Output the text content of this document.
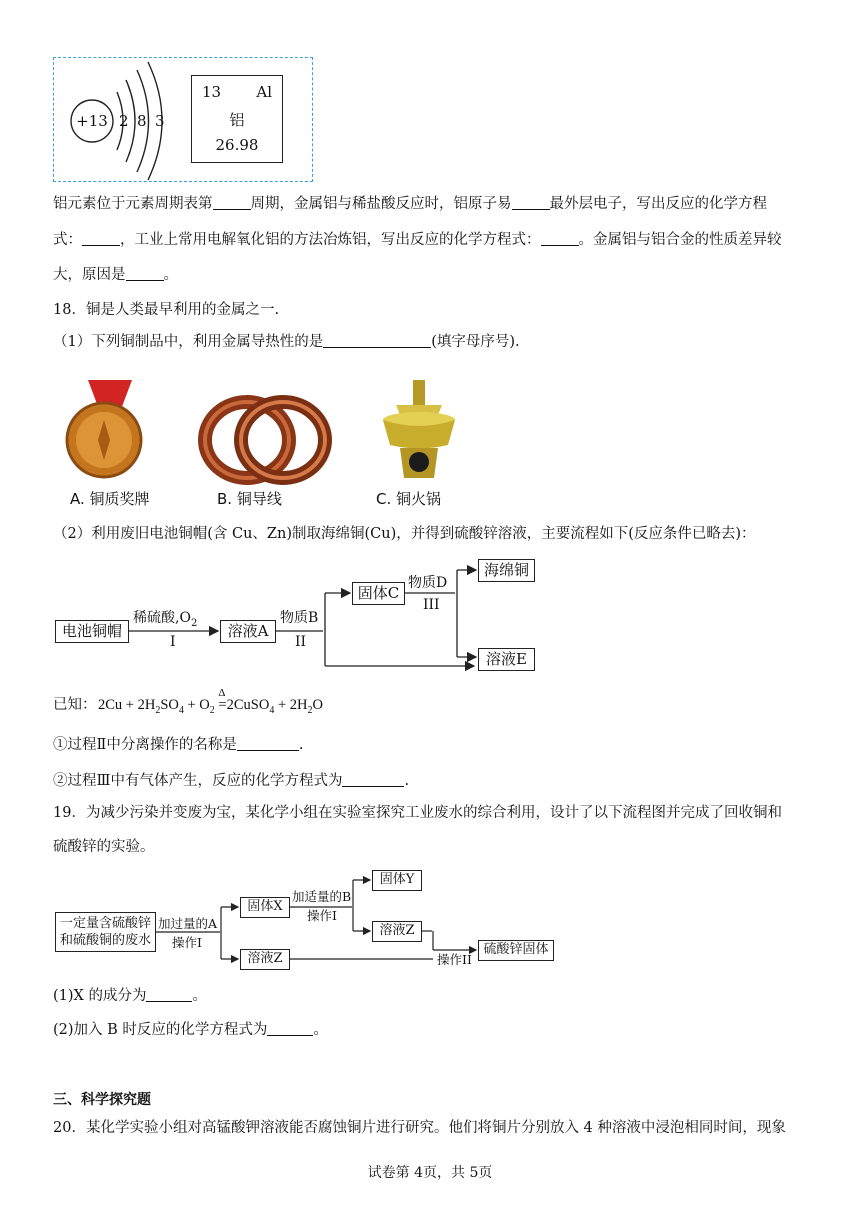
+13 2 8 3
13 Al
铝
26.98
铝元素位于元素周期表第	周期，金属铝与稀盐酸反应时，铝原子易	最外层电子，写出反应的化学方程
式：	，工业上常用电解氧化铝的方法冶炼铝，写出反应的化学方程式：	。金属铝与铝合金的性质差异较
大，原因是	。
18．铜是人类最早利用的金属之一.
（1）下列铜制品中，利用金属导热性的是	(填字母序号).
A. 铜质奖牌	B. 铜导线	C. 铜火锅
（2）利用废旧电池铜帽(含 Cu、Zn)制取海绵铜(Cu)，并得到硫酸锌溶液，主要流程如下(反应条件已略去)：
电池铜帽
稀硫酸$,O_2$
I
溶液A
物质B
II
固体C
物质D
III
海绵铜
溶液E
已知： $2Cu + 2H_2SO_4 + O_2$
Δ
=2CuSO$_4$ + $2H_2O$
①过程Ⅱ中分离操作的名称是	.
②过程Ⅲ中有气体产生，反应的化学方程式为	.
19．为减少污染并变废为宝，某化学小组在实验室探究工业废水的综合利用，设计了以下流程图并完成了回收铜和
硫酸锌的实验。
一定量含硫酸锌
和硫酸铜的废水
加过量的A
操作I
固体X
加适量的B
操作I
固体Y
溶液Z
溶液Z	操作II
硫酸锌固体
(1)X 的成分为	。
(2)加入 B 时反应的化学方程式为	。
三、科学探究题
20．某化学实验小组对高锰酸钾溶液能否腐蚀铜片进行研究。他们将铜片分别放入 4 种溶液中浸泡相同时间，现象
试卷第 4页，共 5页
